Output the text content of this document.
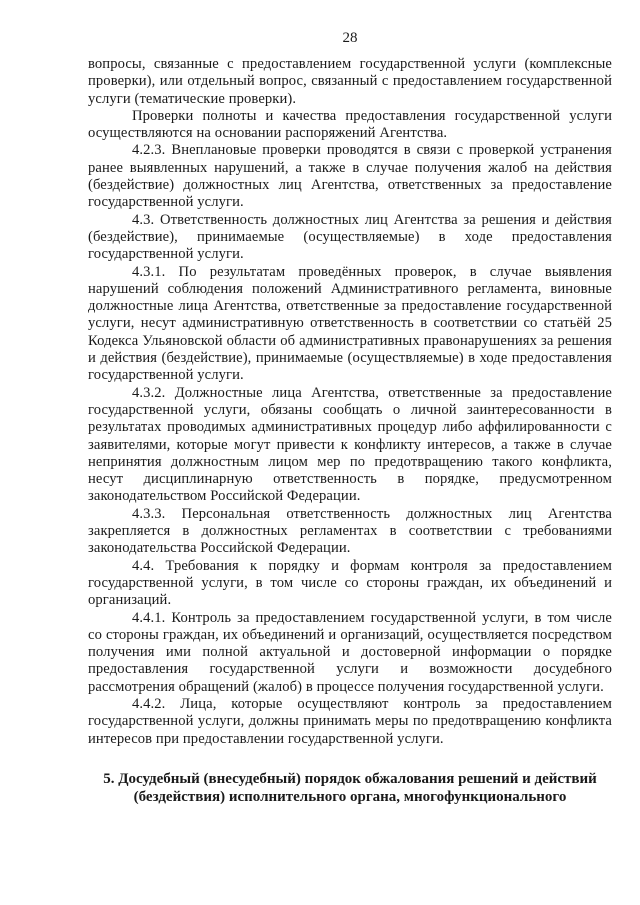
28

вопросы, связанные с предоставлением государственной услуги (комплексные проверки), или отдельный вопрос, связанный с предоставлением государственной услуги (тематические проверки).

Проверки полноты и качества предоставления государственной услуги осуществляются на основании распоряжений Агентства.

4.2.3. Внеплановые проверки проводятся в связи с проверкой устранения ранее выявленных нарушений, а также в случае получения жалоб на действия (бездействие) должностных лиц Агентства, ответственных за предоставление государственной услуги.

4.3. Ответственность должностных лиц Агентства за решения и действия (бездействие), принимаемые (осуществляемые) в ходе предоставления государственной услуги.

4.3.1. По результатам проведённых проверок, в случае выявления нарушений соблюдения положений Административного регламента, виновные должностные лица Агентства, ответственные за предоставление государственной услуги, несут административную ответственность в соответствии со статьёй 25 Кодекса Ульяновской области об административных правонарушениях за решения и действия (бездействие), принимаемые (осуществляемые) в ходе предоставления государственной услуги.

4.3.2. Должностные лица Агентства, ответственные за предоставление государственной услуги, обязаны сообщать о личной заинтересованности в результатах проводимых административных процедур либо аффилированности с заявителями, которые могут привести к конфликту интересов, а также в случае непринятия должностным лицом мер по предотвращению такого конфликта, несут дисциплинарную ответственность в порядке, предусмотренном законодательством Российской Федерации.

4.3.3. Персональная ответственность должностных лиц Агентства закрепляется в должностных регламентах в соответствии с требованиями законодательства Российской Федерации.

4.4. Требования к порядку и формам контроля за предоставлением государственной услуги, в том числе со стороны граждан, их объединений и организаций.

4.4.1. Контроль за предоставлением государственной услуги, в том числе со стороны граждан, их объединений и организаций, осуществляется посредством получения ими полной актуальной и достоверной информации о порядке предоставления государственной услуги и возможности досудебного рассмотрения обращений (жалоб) в процессе получения государственной услуги.

4.4.2. Лица, которые осуществляют контроль за предоставлением государственной услуги, должны принимать меры по предотвращению конфликта интересов при предоставлении государственной услуги.

5. Досудебный (внесудебный) порядок обжалования решений и действий (бездействия) исполнительного органа, многофункционального
